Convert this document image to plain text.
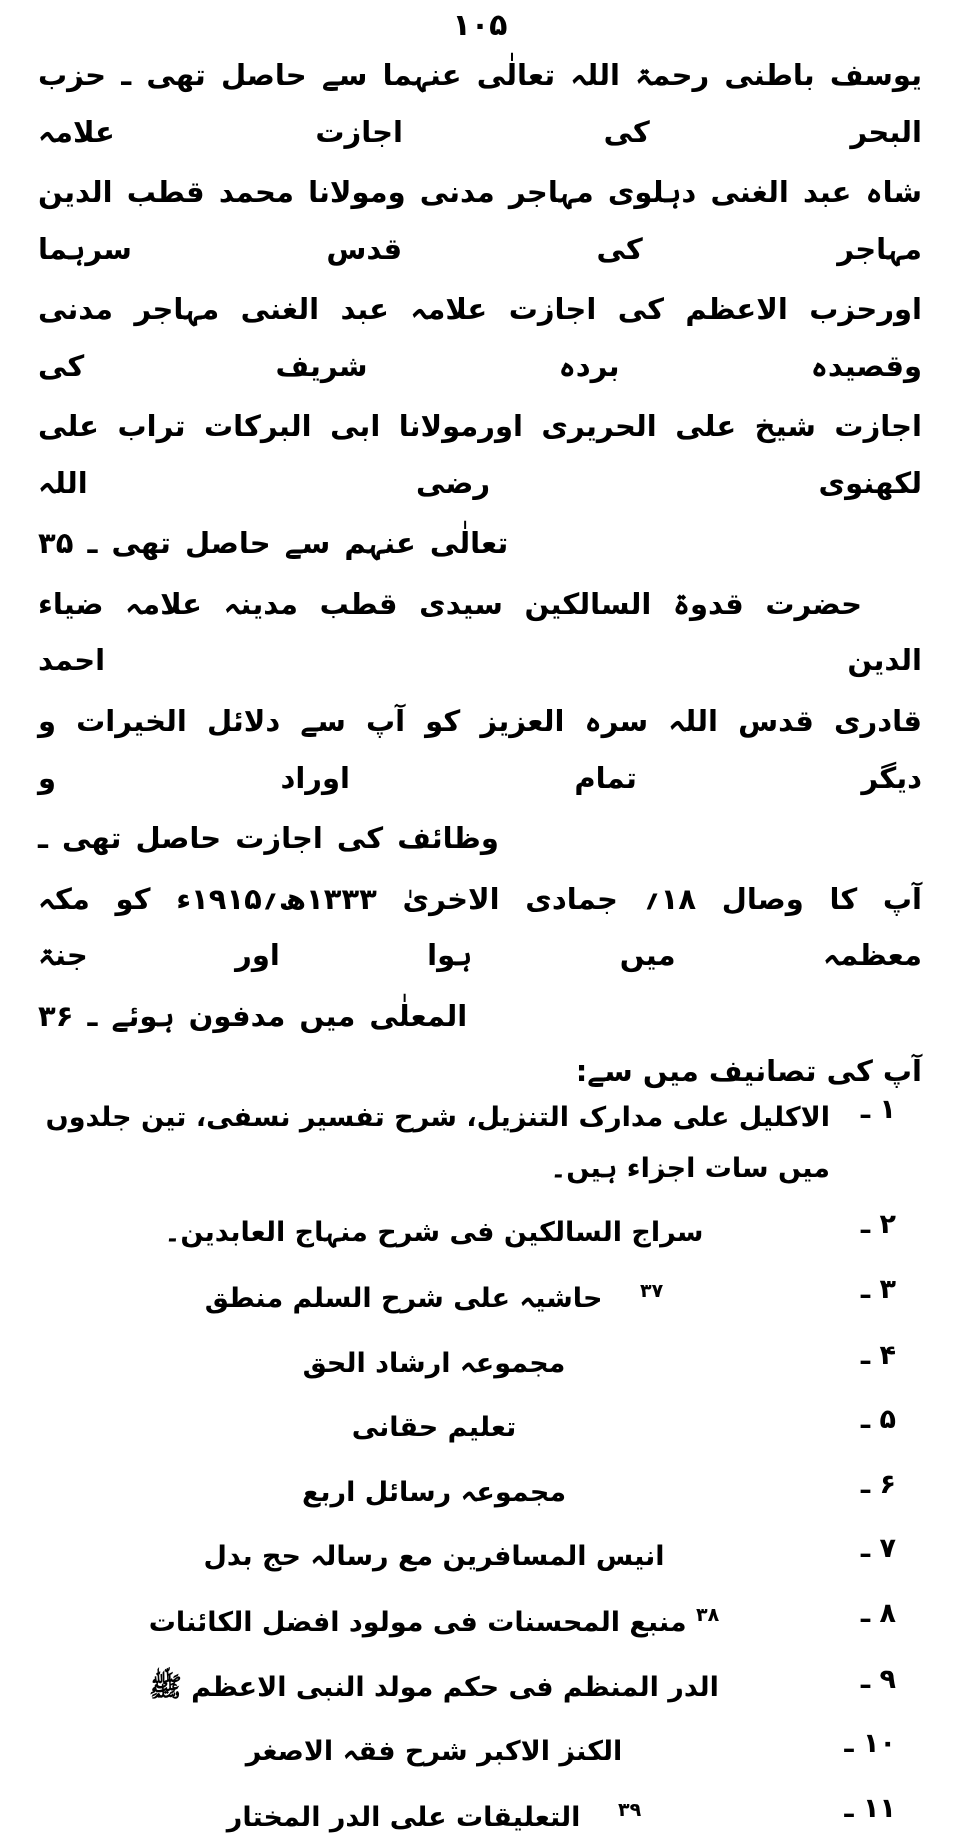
۱۰۵

یوسف باطنی رحمۃ اللہ تعالٰی عنہما سے حاصل تھی ـ حزب البحر کی اجازت علامہ

شاہ عبد الغنی دہلوی مہاجر مدنی ومولانا محمد قطب الدین مہاجر کی قدس سرہما

اورحزب الاعظم کی اجازت علامہ عبد الغنی مہاجر مدنی وقصیدہ بردہ شریف کی

اجازت شیخ علی الحریری اورمولانا ابی البرکات تراب علی لکھنوی رضی اللہ

تعالٰی عنہم سے حاصل تھی ـ ۳۵

حضرت قدوۃ السالکین سیدی قطب مدینہ علامہ ضیاء الدین احمد

قادری قدس اللہ سرہ العزیز کو آپ سے دلائل الخیرات و دیگر تمام اوراد و

وظائف کی اجازت حاصل تھی ـ

آپ کا وصال ۱۸؍ جمادی الاخریٰ ۱۳۳۳ھ؍۱۹۱۵ء کو مکہ معظمہ میں ہوا اور جنۃ

المعلٰی میں مدفون ہوئے ـ ۳۶

آپ کی تصانیف میں سے:
۱ ـ
الاکلیل علی مدارک التنزیل، شرح تفسیر نسفی، تین جلدوں
میں سات اجزاء ہیں۔
۲ ـ
سراج السالکین فی شرح منہاج العابدین۔
۳ ـ
$^{۳۷}$    حاشیہ علی شرح السلم منطق
۴ ـ
مجموعہ ارشاد الحق
۵ ـ
تعلیم حقانی
۶ ـ
مجموعہ رسائل اربع
۷ ـ
انیس المسافرین مع رسالہ حج بدل
۸ ـ
$^{۳۸}$ منبع المحسنات فی مولود افضل الکائنات
۹ ـ
الدر المنظم فی حکم مولد النبی الاعظم ﷺ
۱۰ ـ
الکنز الاکبر شرح فقہ الاصغر
۱۱ ـ
$^{۳۹}$    التعلیقات علی الدر المختار
